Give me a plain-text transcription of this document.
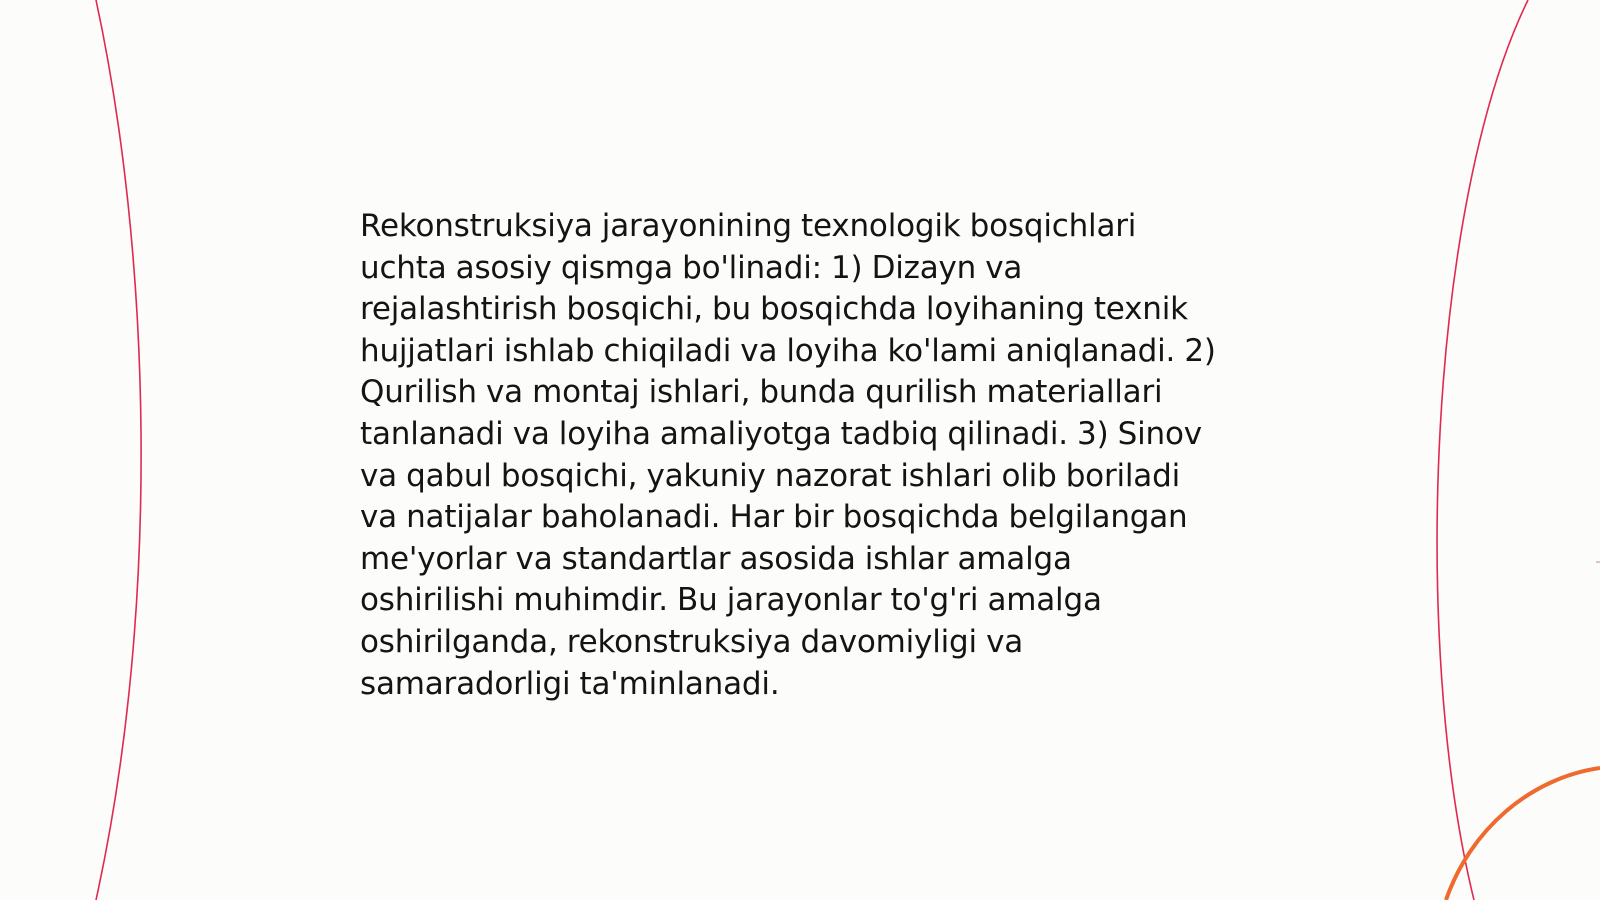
Rekonstruksiya jarayonining texnologik bosqichlari uchta asosiy qismga bo'linadi: 1) Dizayn va rejalashtirish bosqichi, bu bosqichda loyihaning texnik hujjatlari ishlab chiqiladi va loyiha ko'lami aniqlanadi. 2) Qurilish va montaj ishlari, bunda qurilish materiallari tanlanadi va loyiha amaliyotga tadbiq qilinadi. 3) Sinov va qabul bosqichi, yakuniy nazorat ishlari olib boriladi va natijalar baholanadi. Har bir bosqichda belgilangan me'yorlar va standartlar asosida ishlar amalga oshirilishi muhimdir. Bu jarayonlar to'g'ri amalga oshirilganda, rekonstruksiya davomiyligi va samaradorligi ta'minlanadi.
